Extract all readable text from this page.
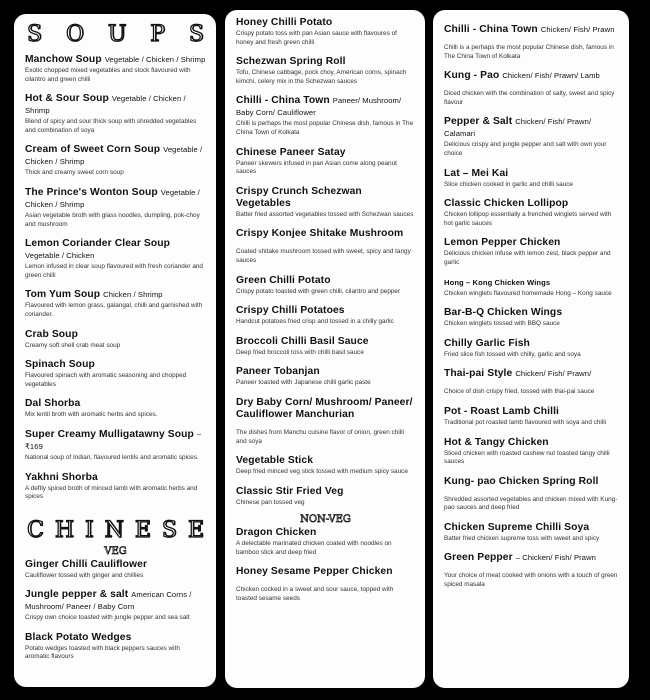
S O U P S
Manchow Soup Vegetable / Chicken / Shrimp
Exotic chopped mixed vegetables and stock flavoured with cilantro and green chilli
Hot & Sour Soup Vegetable / Chicken / Shrimp
Blend of spicy and sour thick soup with shredded vegetables and combination of soya
Cream of Sweet Corn Soup Vegetable / Chicken / Shrimp
Thick and creamy sweet corn soup
The Prince's Wonton Soup Vegetable / Chicken / Shrimp
Asian vegetable broth with glass noodles, dumpling, pok-choy and mushroom
Lemon Coriander Clear Soup Vegetable / Chicken
Lemon infused in clear soup flavoured with fresh coriander and green chilli
Tom Yum Soup Chicken / Shrimp
Flavoured with lemon grass, galangal, chilli and garnished with coriander.
Crab Soup
Creamy soft shell crab meat soup
Spinach Soup
Flavoured spinach with aromatic seasoning and chopped vegetables
Dal Shorba
Mix lentil broth with aromatic herbs and spices.
Super Creamy Mulligatawny Soup ~ ₹169
National soup of Indian, flavoured lentils and aromatic spices.
Yakhni Shorba
A deftly spiced broth of minced lamb with aromatic herbs and spices
C H I N E S E
VEG
Ginger Chilli Cauliflower
Cauliflower tossed with ginger and chillies
Jungle pepper & salt American Corns / Mushroom/ Paneer / Baby Corn
Crispy own choice toasted with jungle pepper and sea salt
Black Potato Wedges
Potato wedges toasted with black peppers sauces with aromatic flavours
Honey Chilli Potato
Crispy potato toss with pan Asian sauce with flavoures of honey and fresh green chilli
Schezwan Spring Roll
Tofu, Chinese cabbage, pock choy, American corns, spinach kimchi, celery mix in the Schezwan sauces
Chilli - China Town Paneer/ Mushroom/ Baby Corn/ Cauliflower
Chilli is perhaps the most popular Chinese dish, famous in The China Town of Kolkata
Chinese Paneer Satay
Paneer skewers infused in pan Asian come along peanut sauces
Crispy Crunch Schezwan Vegetables
Batter fried assorted vegetables tossed with Schezwan sauces
Crispy Konjee Shitake Mushroom
Coated shitake mushroom tossed with sweet, spicy and tangy sauces
Green Chilli Potato
Crispy potato toasted with green chilli, cilantro and pepper
Crispy Chilli Potatoes
Handcut potatoes fried crisp and tossed in a chilly garlic
Broccoli Chilli Basil Sauce
Deep fried broccoli toss with chilli basil sauce
Paneer Tobanjan
Paneer toasted with Japanese chilli garlic paste
Dry Baby Corn/ Mushroom/ Paneer/ Cauliflower Manchurian
The dishes from Manchu cuisine flavor of onion, green chilli and soya
Vegetable Stick
Deep fried minced veg stick tossed with medium spicy sauce
Classic Stir Fried Veg
Chinese pan tossed veg
NON-VEG
Dragon Chicken
A delectable marinated chicken coated with noodles on bamboo stick and deep fried
Honey Sesame Pepper Chicken
Chicken cocked in a sweet and sour sauce, topped with toasted sesame seeds
Chilli - China Town Chicken/ Fish/ Prawn
Chilli is a perhaps the most popular Chinese dish, famous in The China Town of Kolkata
Kung - Pao Chicken/ Fish/ Prawn/ Lamb
Diced chicken with the combination of salty, sweet and spicy flavour
Pepper & Salt Chicken/ Fish/ Prawn/ Calamari
Delicious crispy and jungle pepper and salt with own your choice
Lat – Mei Kai
Slice chicken cooked in garlic and chilli sauce
Classic Chicken Lollipop
Chicken lollipop essentially a frenched winglets served with hot garlic sauces
Lemon Pepper Chicken
Delicious chicken infuse with lemon zest, black pepper and garlic
Hong – Kong Chicken Wings
Chicken winglets flavoured homemade Hong – Kong sauce
Bar-B-Q Chicken Wings
Chicken winglets tossed with BBQ sauce
Chilly Garlic Fish
Fried slice fish tossed with chilly, garlic and soya
Thai-pai Style Chicken/ Fish/ Prawn/
Choice of dish crispy fried, tossed with thai-pai sauce
Pot - Roast Lamb Chilli
Traditional pot roasted lamb flavoured with soya and chilli
Hot & Tangy Chicken
Sliced chicken with roasted cashew nut toasted tangy chilli sauces
Kung- pao Chicken Spring Roll
Shredded assorted vegetables and chicken mixed with Kung-pao sauces and deep fried
Chicken Supreme Chilli Soya
Batter fried chicken supreme toss with sweet and spicy
Green Pepper – Chicken/ Fish/ Prawn
Your choice of meat cooked with onions with a touch of green spiced masala
